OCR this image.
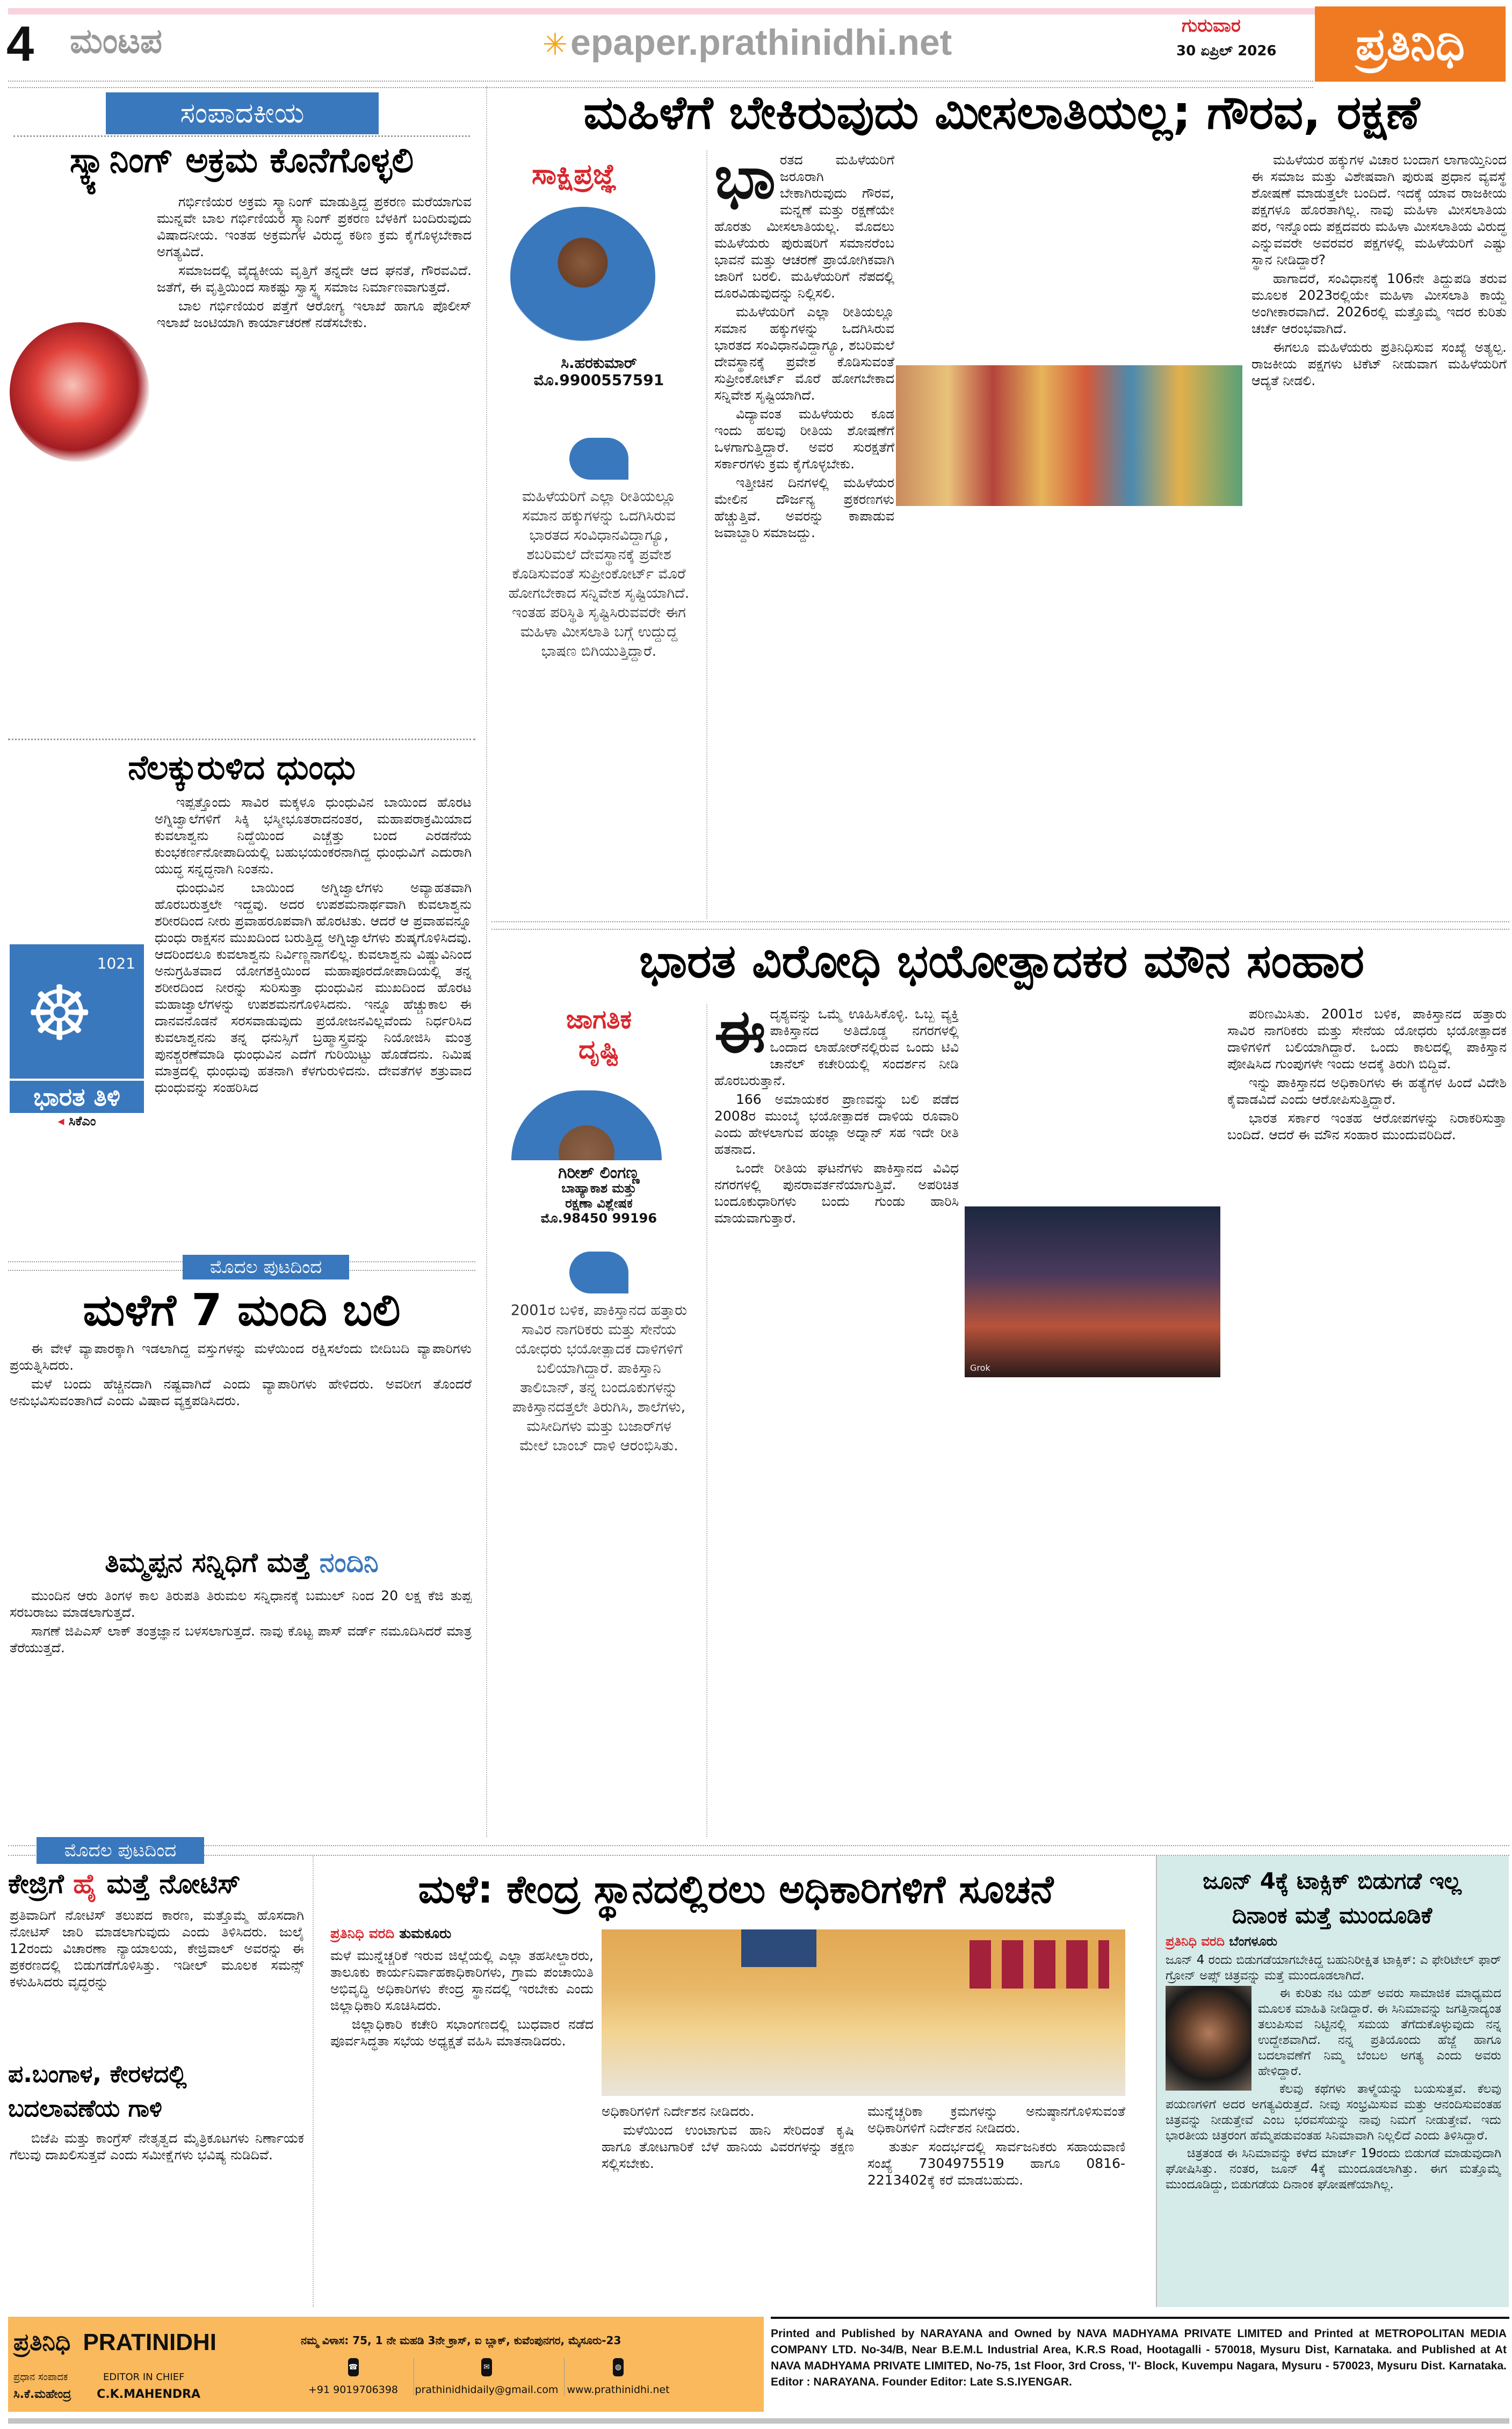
4 ಮಂಟಪ	✳ epaper.prathinidhi.net	ಗುರುವಾರ
30 ಏಪ್ರಿಲ್ 2026	ಪ್ರತಿನಿಧಿ
ಸಂಪಾದಕೀಯ
ಸ್ಕ್ಯಾನಿಂಗ್ ಅಕ್ರಮ ಕೊನೆಗೊಳ್ಳಲಿ

ಗರ್ಭಿಣಿಯರ ಅಕ್ರಮ ಸ್ಕ್ಯಾನಿಂಗ್ ಮಾಡುತ್ತಿದ್ದ ಪ್ರಕರಣ ಮರೆಯಾಗುವ ಮುನ್ನವೇ ಬಾಲ ಗರ್ಭಿಣಿಯರ ಸ್ಕ್ಯಾನಿಂಗ್ ಪ್ರಕರಣ ಬೆಳಕಿಗೆ ಬಂದಿರುವುದು ವಿಷಾದನೀಯ. ಇಂತಹ ಅಕ್ರಮಗಳ ವಿರುದ್ಧ ಕಠಿಣ ಕ್ರಮ ಕೈಗೊಳ್ಳಬೇಕಾದ ಅಗತ್ಯವಿದೆ.

ಸಮಾಜದಲ್ಲಿ ವೈದ್ಯಕೀಯ ವೃತ್ತಿಗೆ ತನ್ನದೇ ಆದ ಘನತೆ, ಗೌರವವಿದೆ. ಜತೆಗೆ, ಈ ವೃತ್ತಿಯಿಂದ ಸಾಕಷ್ಟು ಸ್ವಾಸ್ಥ್ಯ ಸಮಾಜ ನಿರ್ಮಾಣವಾಗುತ್ತದೆ.

ಬಾಲ ಗರ್ಭಿಣಿಯರ ಪತ್ತೆಗೆ ಆರೋಗ್ಯ ಇಲಾಖೆ ಹಾಗೂ ಪೊಲೀಸ್ ಇಲಾಖೆ ಜಂಟಿಯಾಗಿ ಕಾರ್ಯಾಚರಣೆ ನಡೆಸಬೇಕು.

ನೆಲಕ್ಕುರುಳಿದ ಧುಂಧು
☸
1021
ಭಾರತ ತಿಳಿ
◂ ಸಿಕೆಎಂ

ಇಪ್ಪತ್ತೊಂದು ಸಾವಿರ ಮಕ್ಕಳೂ ಧುಂಧುವಿನ ಬಾಯಿಂದ ಹೊರಟ ಅಗ್ನಿಜ್ವಾಲೆಗಳಿಗೆ ಸಿಕ್ಕಿ ಭಸ್ಮೀಭೂತರಾದನಂತರ, ಮಹಾಪರಾಕ್ರಮಿಯಾದ ಕುವಲಾಶ್ವನು ನಿದ್ದೆಯಿಂದ ಎಚ್ಚೆತ್ತು ಬಂದ ಎರಡನೆಯ ಕುಂಭಕರ್ಣನೋಪಾದಿಯಲ್ಲಿ ಬಹುಭಯಂಕರನಾಗಿದ್ದ ಧುಂಧುವಿಗೆ ಎದುರಾಗಿ ಯುದ್ಧ ಸನ್ನದ್ಧನಾಗಿ ನಿಂತನು.

ಧುಂಧುವಿನ ಬಾಯಿಂದ ಅಗ್ನಿಜ್ವಾಲೆಗಳು ಅವ್ಯಾಹತವಾಗಿ ಹೊರಬರುತ್ತಲೇ ಇದ್ದವು. ಅದರ ಉಪಶಮನಾರ್ಥವಾಗಿ ಕುವಲಾಶ್ವನು ಶರೀರದಿಂದ ನೀರು ಪ್ರವಾಹರೂಪವಾಗಿ ಹೊರಟಿತು. ಆದರೆ ಆ ಪ್ರವಾಹವನ್ನೂ ಧುಂಧು ರಾಕ್ಷಸನ ಮುಖದಿಂದ ಬರುತ್ತಿದ್ದ ಅಗ್ನಿಜ್ವಾಲೆಗಳು ಶುಷ್ಕಗೊಳಿಸಿದವು. ಆದರಿಂದಲೂ ಕುವಲಾಶ್ವನು ನಿರ್ವಿಣ್ಣನಾಗಲಿಲ್ಲ. ಕುವಲಾಶ್ವನು ವಿಷ್ಣುವಿನಿಂದ ಅನುಗ್ರಹಿತವಾದ ಯೋಗಶಕ್ತಿಯಿಂದ ಮಹಾಪೂರದೋಪಾದಿಯಲ್ಲಿ ತನ್ನ ಶರೀರದಿಂದ ನೀರನ್ನು ಸುರಿಸುತ್ತಾ ಧುಂಧುವಿನ ಮುಖದಿಂದ ಹೊರಟ ಮಹಾಜ್ವಾಲೆಗಳನ್ನು ಉಪಶಮನಗೊಳಿಸಿದನು. ಇನ್ನೂ ಹೆಚ್ಚುಕಾಲ ಈ ದಾನವನೊಡನೆ ಸರಸವಾಡುವುದು ಪ್ರಯೋಜನವಿಲ್ಲವೆಂದು ನಿರ್ಧರಿಸಿದ ಕುವಲಾಶ್ವನನು ತನ್ನ ಧನುಸ್ಸಿಗೆ ಬ್ರಹ್ಮಾಸ್ತ್ರವನ್ನು ನಿಯೋಜಿಸಿ ಮಂತ್ರ ಪುನಶ್ಚರಣೆಮಾಡಿ ಧುಂಧುವಿನ ಎದೆಗೆ ಗುರಿಯಿಟ್ಟು ಹೊಡೆದನು. ನಿಮಿಷ ಮಾತ್ರದಲ್ಲಿ ಧುಂಧುವು ಹತನಾಗಿ ಕೆಳಗುರುಳಿದನು. ದೇವತೆಗಳ ಶತ್ರುವಾದ ಧುಂಧುವನ್ನು ಸಂಹರಿಸಿದ

ಮೊದಲ ಪುಟದಿಂದ
ಮಳೆಗೆ 7 ಮಂದಿ ಬಲಿ

ಈ ವೇಳೆ ವ್ಯಾಪಾರಕ್ಕಾಗಿ ಇಡಲಾಗಿದ್ದ ವಸ್ತುಗಳನ್ನು ಮಳೆಯಿಂದ ರಕ್ಷಿಸಲೆಂದು ಬೀದಿಬದಿ ವ್ಯಾಪಾರಿಗಳು ಪ್ರಯತ್ನಿಸಿದರು.

ಮಳೆ ಬಂದು ಹೆಚ್ಚಿನದಾಗಿ ನಷ್ಟವಾಗಿದೆ ಎಂದು ವ್ಯಾಪಾರಿಗಳು ಹೇಳಿದರು. ಅವರೀಗ ತೊಂದರೆ ಅನುಭವಿಸುವಂತಾಗಿದೆ ಎಂದು ವಿಷಾದ ವ್ಯಕ್ತಪಡಿಸಿದರು.

ತಿಮ್ಮಪ್ಪನ ಸನ್ನಿಧಿಗೆ ಮತ್ತೆ ನಂದಿನಿ

ಮುಂದಿನ ಆರು ತಿಂಗಳ ಕಾಲ ತಿರುಪತಿ ತಿರುಮಲ ಸನ್ನಿಧಾನಕ್ಕೆ ಬಮುಲ್ ನಿಂದ 20 ಲಕ್ಷ ಕೆಜಿ ತುಪ್ಪ ಸರಬರಾಜು ಮಾಡಲಾಗುತ್ತದೆ.

ಸಾಗಣೆ ಜಿಪಿಎಸ್ ಲಾಕ್ ತಂತ್ರಜ್ಞಾನ ಬಳಸಲಾಗುತ್ತದೆ. ನಾವು ಕೊಟ್ಟ ಪಾಸ್ ವರ್ಡ್ ನಮೂದಿಸಿದರೆ ಮಾತ್ರ ತೆರೆಯುತ್ತದೆ.

ಮಹಿಳೆಗೆ ಬೇಕಿರುವುದು ಮೀಸಲಾತಿಯಲ್ಲ; ಗೌರವ, ರಕ್ಷಣೆ
ಸಾಕ್ಷಿಪ್ರಜ್ಞೆ
ಸಿ.ಹರಕುಮಾರ್
ಮೊ.9900557591
ಮಹಿಳೆಯರಿಗೆ ಎಲ್ಲಾ ರೀತಿಯಲ್ಲೂ ಸಮಾನ ಹಕ್ಕುಗಳನ್ನು ಒದಗಿಸಿರುವ ಭಾರತದ ಸಂವಿಧಾನವಿದ್ದಾಗ್ಯೂ, ಶಬರಿಮಲೆ ದೇವಸ್ಥಾನಕ್ಕೆ ಪ್ರವೇಶ ಕೊಡಿಸುವಂತೆ ಸುಪ್ರೀಂಕೋರ್ಟ್ ಮೊರೆ ಹೋಗಬೇಕಾದ ಸನ್ನಿವೇಶ ಸೃಷ್ಟಿಯಾಗಿದೆ. ಇಂತಹ ಪರಿಸ್ಥಿತಿ ಸೃಷ್ಟಿಸಿರುವವರೇ ಈಗ ಮಹಿಳಾ ಮೀಸಲಾತಿ ಬಗ್ಗೆ ಉದ್ದುದ್ದ ಭಾಷಣ ಬಿಗಿಯುತ್ತಿದ್ದಾರೆ.
ಭಾ ರತದ ಮಹಿಳೆಯರಿಗೆ ಜರೂರಾಗಿ ಬೇಕಾಗಿರುವುದು ಗೌರವ, ಮನ್ನಣೆ ಮತ್ತು ರಕ್ಷಣೆಯೇ ಹೊರತು ಮೀಸಲಾತಿಯಲ್ಲ. ಮೊದಲು ಮಹಿಳೆಯರು ಪುರುಷರಿಗೆ ಸಮಾನರೆಂಬ ಭಾವನೆ ಮತ್ತು ಆಚರಣೆ ಪ್ರಾಯೋಗಿಕವಾಗಿ ಜಾರಿಗೆ ಬರಲಿ. ಮಹಿಳೆಯರಿಗೆ ನೆಪದಲ್ಲಿ ದೂರವಿಡುವುದನ್ನು ನಿಲ್ಲಿಸಲಿ.

ಮಹಿಳೆಯರಿಗೆ ಎಲ್ಲಾ ರೀತಿಯಲ್ಲೂ ಸಮಾನ ಹಕ್ಕುಗಳನ್ನು ಒದಗಿಸಿರುವ ಭಾರತದ ಸಂವಿಧಾನವಿದ್ದಾಗ್ಯೂ, ಶಬರಿಮಲೆ ದೇವಸ್ಥಾನಕ್ಕೆ ಪ್ರವೇಶ ಕೊಡಿಸುವಂತೆ ಸುಪ್ರೀಂಕೋರ್ಟ್ ಮೊರೆ ಹೋಗಬೇಕಾದ ಸನ್ನಿವೇಶ ಸೃಷ್ಟಿಯಾಗಿದೆ.

ವಿದ್ಯಾವಂತ ಮಹಿಳೆಯರು ಕೂಡ ಇಂದು ಹಲವು ರೀತಿಯ ಶೋಷಣೆಗೆ ಒಳಗಾಗುತ್ತಿದ್ದಾರೆ. ಅವರ ಸುರಕ್ಷತೆಗೆ ಸರ್ಕಾರಗಳು ಕ್ರಮ ಕೈಗೊಳ್ಳಬೇಕು.

ಇತ್ತೀಚಿನ ದಿನಗಳಲ್ಲಿ ಮಹಿಳೆಯರ ಮೇಲಿನ ದೌರ್ಜನ್ಯ ಪ್ರಕರಣಗಳು ಹೆಚ್ಚುತ್ತಿವೆ. ಅವರನ್ನು ಕಾಪಾಡುವ ಜವಾಬ್ದಾರಿ ಸಮಾಜದ್ದು.

ಮಹಿಳೆಯರ ಹಕ್ಕುಗಳ ವಿಚಾರ ಬಂದಾಗ ಲಾಗಾಯ್ತಿನಿಂದ ಈ ಸಮಾಜ ಮತ್ತು ವಿಶೇಷವಾಗಿ ಪುರುಷ ಪ್ರಧಾನ ವ್ಯವಸ್ಥೆ ಶೋಷಣೆ ಮಾಡುತ್ತಲೇ ಬಂದಿದೆ. ಇದಕ್ಕೆ ಯಾವ ರಾಜಕೀಯ ಪಕ್ಷಗಳೂ ಹೊರತಾಗಿಲ್ಲ. ನಾವು ಮಹಿಳಾ ಮೀಸಲಾತಿಯ ಪರ, ಇನ್ನೊಂದು ಪಕ್ಷದವರು ಮಹಿಳಾ ಮೀಸಲಾತಿಯ ವಿರುದ್ಧ ಎನ್ನುವವರೇ ಅವರವರ ಪಕ್ಷಗಳಲ್ಲಿ ಮಹಿಳೆಯರಿಗೆ ಎಷ್ಟು ಸ್ಥಾನ ನೀಡಿದ್ದಾರೆ?

ಹಾಗಾದರೆ, ಸಂವಿಧಾನಕ್ಕೆ 106ನೇ ತಿದ್ದುಪಡಿ ತರುವ ಮೂಲಕ 2023ರಲ್ಲಿಯೇ ಮಹಿಳಾ ಮೀಸಲಾತಿ ಕಾಯ್ದೆ ಅಂಗೀಕಾರವಾಗಿದೆ. 2026ರಲ್ಲಿ ಮತ್ತೊಮ್ಮೆ ಇದರ ಕುರಿತು ಚರ್ಚೆ ಆರಂಭವಾಗಿದೆ.

ಈಗಲೂ ಮಹಿಳೆಯರು ಪ್ರತಿನಿಧಿಸುವ ಸಂಖ್ಯೆ ಅತ್ಯಲ್ಪ. ರಾಜಕೀಯ ಪಕ್ಷಗಳು ಟಿಕೆಟ್ ನೀಡುವಾಗ ಮಹಿಳೆಯರಿಗೆ ಆದ್ಯತೆ ನೀಡಲಿ.

ಭಾರತ ವಿರೋಧಿ ಭಯೋತ್ಪಾದಕರ ಮೌನ ಸಂಹಾರ
ಜಾಗತಿಕ
ದೃಷ್ಟಿ
ಗಿರೀಶ್ ಲಿಂಗಣ್ಣ
ಬಾಹ್ಯಾಕಾಶ ಮತ್ತು
ರಕ್ಷಣಾ ವಿಶ್ಲೇಷಕ
ಮೊ.98450 99196
2001ರ ಬಳಿಕ, ಪಾಕಿಸ್ತಾನದ ಹತ್ತಾರು ಸಾವಿರ ನಾಗರಿಕರು ಮತ್ತು ಸೇನೆಯ ಯೋಧರು ಭಯೋತ್ಪಾದಕ ದಾಳಿಗಳಿಗೆ ಬಲಿಯಾಗಿದ್ದಾರೆ. ಪಾಕಿಸ್ತಾನಿ ತಾಲಿಬಾನ್, ತನ್ನ ಬಂದೂಕುಗಳನ್ನು ಪಾಕಿಸ್ತಾನದತ್ತಲೇ ತಿರುಗಿಸಿ, ಶಾಲೆಗಳು, ಮಸೀದಿಗಳು ಮತ್ತು ಬಜಾರ್‌ಗಳ ಮೇಲೆ ಬಾಂಬ್ ದಾಳಿ ಆರಂಭಿಸಿತು.
ಈ ದೃಶ್ಯವನ್ನು ಒಮ್ಮೆ ಊಹಿಸಿಕೊಳ್ಳಿ. ಒಬ್ಬ ವ್ಯಕ್ತಿ ಪಾಕಿಸ್ತಾನದ ಅತಿದೊಡ್ಡ ನಗರಗಳಲ್ಲಿ ಒಂದಾದ ಲಾಹೋರ್‌ನಲ್ಲಿರುವ ಒಂದು ಟಿವಿ ಚಾನೆಲ್ ಕಚೇರಿಯಲ್ಲಿ ಸಂದರ್ಶನ ನೀಡಿ ಹೊರಬರುತ್ತಾನೆ.

166 ಅಮಾಯಕರ ಪ್ರಾಣವನ್ನು ಬಲಿ ಪಡೆದ 2008ರ ಮುಂಬೈ ಭಯೋತ್ಪಾದಕ ದಾಳಿಯ ರೂವಾರಿ ಎಂದು ಹೇಳಲಾಗುವ ಹಂಜ್ಲಾ ಅದ್ನಾನ್ ಸಹ ಇದೇ ರೀತಿ ಹತನಾದ.

ಒಂದೇ ರೀತಿಯ ಘಟನೆಗಳು ಪಾಕಿಸ್ತಾನದ ವಿವಿಧ ನಗರಗಳಲ್ಲಿ ಪುನರಾವರ್ತನೆಯಾಗುತ್ತಿವೆ. ಅಪರಿಚಿತ ಬಂದೂಕುಧಾರಿಗಳು ಬಂದು ಗುಂಡು ಹಾರಿಸಿ ಮಾಯವಾಗುತ್ತಾರೆ.

ಪರಿಣಮಿಸಿತು. 2001ರ ಬಳಿಕ, ಪಾಕಿಸ್ತಾನದ ಹತ್ತಾರು ಸಾವಿರ ನಾಗರಿಕರು ಮತ್ತು ಸೇನೆಯ ಯೋಧರು ಭಯೋತ್ಪಾದಕ ದಾಳಿಗಳಿಗೆ ಬಲಿಯಾಗಿದ್ದಾರೆ. ಒಂದು ಕಾಲದಲ್ಲಿ ಪಾಕಿಸ್ತಾನ ಪೋಷಿಸಿದ ಗುಂಪುಗಳೇ ಇಂದು ಅದಕ್ಕೆ ತಿರುಗಿ ಬಿದ್ದಿವೆ.

ಇನ್ನು ಪಾಕಿಸ್ತಾನದ ಅಧಿಕಾರಿಗಳು ಈ ಹತ್ಯೆಗಳ ಹಿಂದೆ ವಿದೇಶಿ ಕೈವಾಡವಿದೆ ಎಂದು ಆರೋಪಿಸುತ್ತಿದ್ದಾರೆ.

ಭಾರತ ಸರ್ಕಾರ ಇಂತಹ ಆರೋಪಗಳನ್ನು ನಿರಾಕರಿಸುತ್ತಾ ಬಂದಿದೆ. ಆದರೆ ಈ ಮೌನ ಸಂಹಾರ ಮುಂದುವರಿದಿದೆ.

Grok
ಮೊದಲ ಪುಟದಿಂದ
ಕೇಜ್ರಿಗೆ ಹೈ ಮತ್ತೆ ನೋಟಿಸ್

ಪ್ರತಿವಾದಿಗೆ ನೋಟಿಸ್ ತಲುಪದ ಕಾರಣ, ಮತ್ತೊಮ್ಮೆ ಹೊಸದಾಗಿ ನೋಟಿಸ್ ಜಾರಿ ಮಾಡಲಾಗುವುದು ಎಂದು ತಿಳಿಸಿದರು. ಜುಲೈ 12ರಂದು ವಿಚಾರಣಾ ನ್ಯಾಯಾಲಯ, ಕೇಜ್ರಿವಾಲ್ ಅವರನ್ನು ಈ ಪ್ರಕರಣದಲ್ಲಿ ಬಿಡುಗಡೆಗೊಳಿಸಿತ್ತು. ಇಡೀಲ್ ಮೂಲಕ ಸಮನ್ಸ್ ಕಳುಹಿಸಿದರು ವೃದ್ಧರನ್ನು

ಪ.ಬಂಗಾಳ, ಕೇರಳದಲ್ಲಿ ಬದಲಾವಣೆಯ ಗಾಳಿ

ಬಿಜೆಪಿ ಮತ್ತು ಕಾಂಗ್ರೆಸ್ ನೇತೃತ್ವದ ಮೈತ್ರಿಕೂಟಗಳು ನಿರ್ಣಾಯಕ ಗೆಲುವು ದಾಖಲಿಸುತ್ತವೆ ಎಂದು ಸಮೀಕ್ಷೆಗಳು ಭವಿಷ್ಯ ನುಡಿದಿವೆ.

ಮಳೆ: ಕೇಂದ್ರ ಸ್ಥಾನದಲ್ಲಿರಲು ಅಧಿಕಾರಿಗಳಿಗೆ ಸೂಚನೆ
ಪ್ರತಿನಿಧಿ ವರದಿ ತುಮಕೂರು

ಮಳೆ ಮುನ್ನೆಚ್ಚರಿಕೆ ಇರುವ ಜಿಲ್ಲೆಯಲ್ಲಿ ಎಲ್ಲಾ ತಹಸೀಲ್ದಾರರು, ತಾಲೂಕು ಕಾರ್ಯನಿರ್ವಾಹಕಾಧಿಕಾರಿಗಳು, ಗ್ರಾಮ ಪಂಚಾಯಿತಿ ಅಭಿವೃದ್ಧಿ ಅಧಿಕಾರಿಗಳು ಕೇಂದ್ರ ಸ್ಥಾನದಲ್ಲಿ ಇರಬೇಕು ಎಂದು ಜಿಲ್ಲಾಧಿಕಾರಿ ಸೂಚಿಸಿದರು.

ಜಿಲ್ಲಾಧಿಕಾರಿ ಕಚೇರಿ ಸಭಾಂಗಣದಲ್ಲಿ ಬುಧವಾರ ನಡೆದ ಪೂರ್ವಸಿದ್ಧತಾ ಸಭೆಯ ಅಧ್ಯಕ್ಷತೆ ವಹಿಸಿ ಮಾತನಾಡಿದರು.

ಅಧಿಕಾರಿಗಳಿಗೆ ನಿರ್ದೇಶನ ನೀಡಿದರು.

ಮಳೆಯಿಂದ ಉಂಟಾಗುವ ಹಾನಿ ಸೇರಿದಂತೆ ಕೃಷಿ ಹಾಗೂ ತೋಟಗಾರಿಕೆ ಬೆಳೆ ಹಾನಿಯ ವಿವರಗಳನ್ನು ತಕ್ಷಣ ಸಲ್ಲಿಸಬೇಕು.

ಮುನ್ನೆಚ್ಚರಿಕಾ ಕ್ರಮಗಳನ್ನು ಅನುಷ್ಠಾನಗೊಳಿಸುವಂತೆ ಅಧಿಕಾರಿಗಳಿಗೆ ನಿರ್ದೇಶನ ನೀಡಿದರು.

ತುರ್ತು ಸಂದರ್ಭದಲ್ಲಿ ಸಾರ್ವಜನಿಕರು ಸಹಾಯವಾಣಿ ಸಂಖ್ಯೆ 7304975519 ಹಾಗೂ 0816-2213402ಕ್ಕೆ ಕರೆ ಮಾಡಬಹುದು.

ಜೂನ್ 4ಕ್ಕೆ ಟಾಕ್ಸಿಕ್ ಬಿಡುಗಡೆ ಇಲ್ಲ
ದಿನಾಂಕ ಮತ್ತೆ ಮುಂದೂಡಿಕೆ
ಪ್ರತಿನಿಧಿ ವರದಿ ಬೆಂಗಳೂರು

ಜೂನ್ 4 ರಂದು ಬಿಡುಗಡೆಯಾಗಬೇಕಿದ್ದ ಬಹುನಿರೀಕ್ಷಿತ ಟಾಕ್ಸಿಕ್: ಎ ಫೇರಿಟೇಲ್ ಫಾರ್ ಗ್ರೋನ್ ಅಪ್ಸ್ ಚಿತ್ರವನ್ನು ಮತ್ತೆ ಮುಂದೂಡಲಾಗಿದೆ.

ಈ ಕುರಿತು ನಟ ಯಶ್ ಅವರು ಸಾಮಾಜಿಕ ಮಾಧ್ಯಮದ ಮೂಲಕ ಮಾಹಿತಿ ನೀಡಿದ್ದಾರೆ. ಈ ಸಿನಿಮಾವನ್ನು ಜಗತ್ತಿನಾದ್ಯಂತ ತಲುಪಿಸುವ ನಿಟ್ಟಿನಲ್ಲಿ ಸಮಯ ತೆಗೆದುಕೊಳ್ಳುವುದು ನನ್ನ ಉದ್ದೇಶವಾಗಿದೆ. ನನ್ನ ಪ್ರತಿಯೊಂದು ಹೆಜ್ಜೆ ಹಾಗೂ ಬದಲಾವಣೆಗೆ ನಿಮ್ಮ ಬೆಂಬಲ ಅಗತ್ಯ ಎಂದು ಅವರು ಹೇಳಿದ್ದಾರೆ.

ಕೆಲವು ಕಥೆಗಳು ತಾಳ್ಮೆಯನ್ನು ಬಯಸುತ್ತವೆ. ಕೆಲವು ಪಯಣಗಳಿಗೆ ಅದರ ಅಗತ್ಯವಿರುತ್ತದೆ. ನೀವು ಸಂಭ್ರಮಿಸುವ ಮತ್ತು ಆನಂದಿಸುವಂತಹ ಚಿತ್ರವನ್ನು ನೀಡುತ್ತೇವೆ ಎಂಬ ಭರವಸೆಯನ್ನು ನಾವು ನಿಮಗೆ ನೀಡುತ್ತೇವೆ. ಇದು ಭಾರತೀಯ ಚಿತ್ರರಂಗ ಹೆಮ್ಮೆಪಡುವಂತಹ ಸಿನಿಮಾವಾಗಿ ನಿಲ್ಲಲಿದೆ ಎಂದು ತಿಳಿಸಿದ್ದಾರೆ.

ಚಿತ್ರತಂಡ ಈ ಸಿನಿಮಾವನ್ನು ಕಳೆದ ಮಾರ್ಚ್ 19ರಂದು ಬಿಡುಗಡೆ ಮಾಡುವುದಾಗಿ ಘೋಷಿಸಿತ್ತು. ನಂತರ, ಜೂನ್ 4ಕ್ಕೆ ಮುಂದೂಡಲಾಗಿತ್ತು. ಈಗ ಮತ್ತೊಮ್ಮೆ ಮುಂದೂಡಿದ್ದು, ಬಿಡುಗಡೆಯ ದಿನಾಂಕ ಘೋಷಣೆಯಾಗಿಲ್ಲ.

ಪ್ರತಿನಿಧಿ PRATINIDHI
ಪ್ರಧಾನ ಸಂಪಾದಕ	EDITOR IN CHIEF
ಸಿ.ಕೆ.ಮಹೇಂದ್ರ C.K.MAHENDRA
ನಮ್ಮ ವಿಳಾಸ: 75, 1 ನೇ ಮಹಡಿ 3ನೇ ಕ್ರಾಸ್, ಐ ಬ್ಲಾಕ್, ಕುವೆಂಪುನಗರ, ಮೈಸೂರು-23
☎
+91 9019706398
✉
prathinidhidaily@gmail.com
◍
www.prathinidhi.net
Printed and Published by NARAYANA and Owned by NAVA MADHYAMA PRIVATE LIMITED and Printed at METROPOLITAN MEDIA COMPANY LTD. No-34/B, Near B.E.M.L Industrial Area, K.R.S Road, Hootagalli - 570018, Mysuru Dist, Karnataka. and Published at At NAVA MADHYAMA PRIVATE LIMITED, No-75, 1st Floor, 3rd Cross, 'I'- Block, Kuvempu Nagara, Mysuru - 570023, Mysuru Dist. Karnataka. Editor : NARAYANA. Founder Editor: Late S.S.IYENGAR.
